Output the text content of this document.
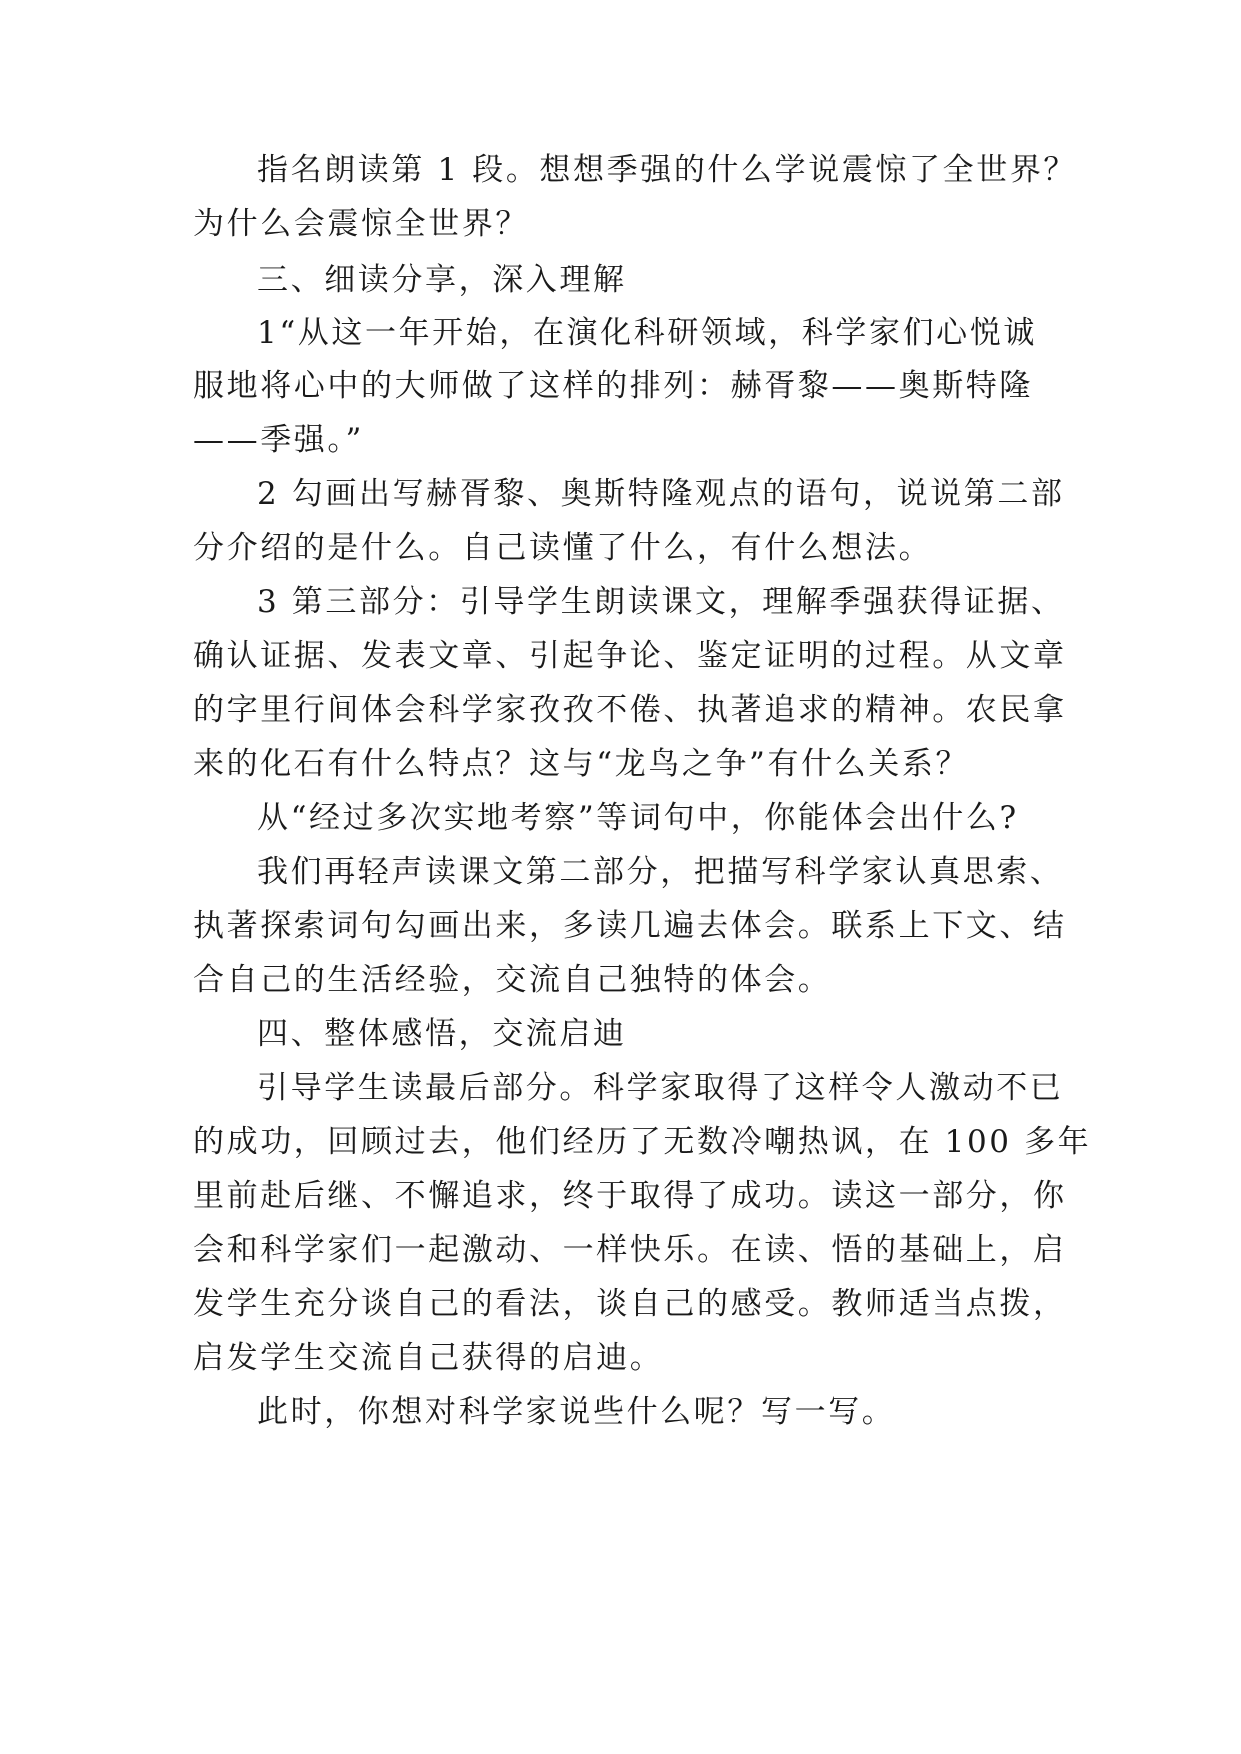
指名朗读第 1 段。想想季强的什么学说震惊了全世界？
为什么会震惊全世界？
三、细读分享，深入理解
1“从这一年开始，在演化科研领域，科学家们心悦诚
服地将心中的大师做了这样的排列：赫胥黎——奥斯特隆
——季强。”
2 勾画出写赫胥黎、奥斯特隆观点的语句，说说第二部
分介绍的是什么。自己读懂了什么，有什么想法。
3 第三部分：引导学生朗读课文，理解季强获得证据、
确认证据、发表文章、引起争论、鉴定证明的过程。从文章
的字里行间体会科学家孜孜不倦、执著追求的精神。农民拿
来的化石有什么特点？这与“龙鸟之争”有什么关系？
从“经过多次实地考察”等词句中，你能体会出什么?
我们再轻声读课文第二部分，把描写科学家认真思索、
执著探索词句勾画出来，多读几遍去体会。联系上下文、结
合自己的生活经验，交流自己独特的体会。
四、整体感悟，交流启迪
引导学生读最后部分。科学家取得了这样令人激动不已
的成功，回顾过去，他们经历了无数冷嘲热讽，在 100 多年
里前赴后继、不懈追求，终于取得了成功。读这一部分，你
会和科学家们一起激动、一样快乐。在读、悟的基础上，启
发学生充分谈自己的看法，谈自己的感受。教师适当点拨，
启发学生交流自己获得的启迪。
此时，你想对科学家说些什么呢？写一写。
